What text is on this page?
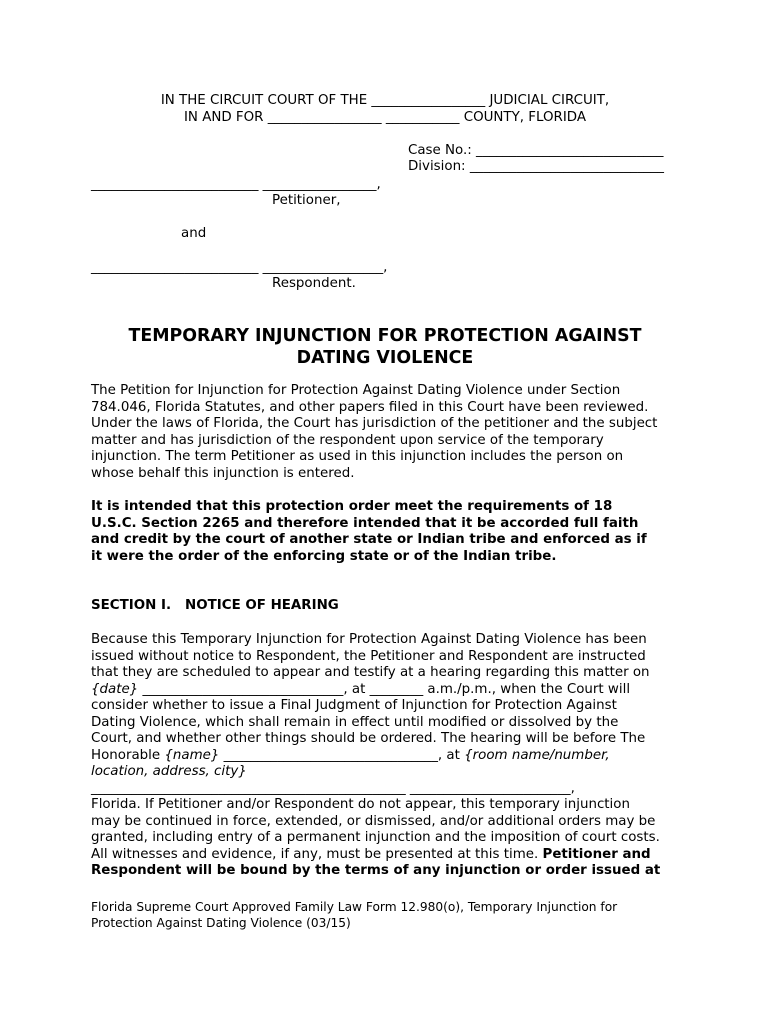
IN THE CIRCUIT COURT OF THE _________________ JUDICIAL CIRCUIT,
IN AND FOR _________________ ___________ COUNTY, FLORIDA
Case No.: ____________________________
Division: _____________________________
_________________________ _________________,
Petitioner,
and
_________________________ __________________,
Respondent.
TEMPORARY INJUNCTION FOR PROTECTION AGAINST
DATING VIOLENCE
The Petition for Injunction for Protection Against Dating Violence under Section
784.046, Florida Statutes, and other papers filed in this Court have been reviewed.
Under the laws of Florida, the Court has jurisdiction of the petitioner and the subject
matter and has jurisdiction of the respondent upon service of the temporary
injunction. The term Petitioner as used in this injunction includes the person on
whose behalf this injunction is entered.
It is intended that this protection order meet the requirements of 18
U.S.C. Section 2265 and therefore intended that it be accorded full faith
and credit by the court of another state or Indian tribe and enforced as if
it were the order of the enforcing state or of the Indian tribe.
SECTION I.   NOTICE OF HEARING
Because this Temporary Injunction for Protection Against Dating Violence has been
issued without notice to Respondent, the Petitioner and Respondent are instructed
that they are scheduled to appear and testify at a hearing regarding this matter on
{date} ______________________________, at ________ a.m./p.m., when the Court will
consider whether to issue a Final Judgment of Injunction for Protection Against
Dating Violence, which shall remain in effect until modified or dissolved by the
Court, and whether other things should be ordered. The hearing will be before The
Honorable {name} ________________________________, at {room name/number,
location, address, city}
_______________________________________________ ________________________,
Florida. If Petitioner and/or Respondent do not appear, this temporary injunction
may be continued in force, extended, or dismissed, and/or additional orders may be
granted, including entry of a permanent injunction and the imposition of court costs.
All witnesses and evidence, if any, must be presented at this time. Petitioner and
Respondent will be bound by the terms of any injunction or order issued at
Florida Supreme Court Approved Family Law Form 12.980(o), Temporary Injunction for
Protection Against Dating Violence (03/15)
